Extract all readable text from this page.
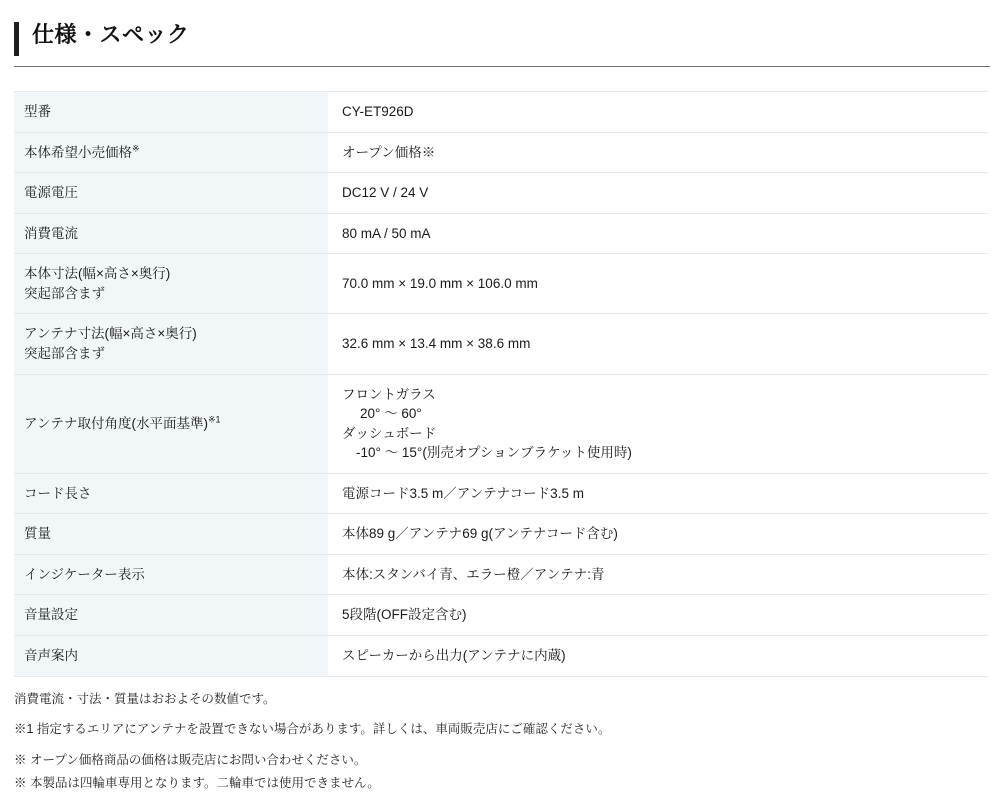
仕様・スペック
型番	CY-ET926D

本体希望小売価格※	オープン価格※

電源電圧	DC12 V / 24 V

消費電流	80 mA / 50 mA

本体寸法(幅×高さ×奥行)
突起部含まず	70.0 mm × 19.0 mm × 106.0 mm

アンテナ寸法(幅×高さ×奥行)
突起部含まず	32.6 mm × 13.4 mm × 38.6 mm

アンテナ取付角度(水平面基準)$^{※1}$	フロントガラス
20° ～ 60°
ダッシュボード
-10° ～ 15°(別売オプションブラケット使用時)

コード長さ	電源コード3.5 m／アンテナコード3.5 m

質量	本体89 g／アンテナ69 g(アンテナコード含む)

インジケーター表示	本体:スタンバイ青、エラー橙／アンテナ:青

音量設定	5段階(OFF設定含む)

音声案内	スピーカーから出力(アンテナに内蔵)

消費電流・寸法・質量はおおよその数値です。

※1 指定するエリアにアンテナを設置できない場合があります。詳しくは、車両販売店にご確認ください。

※ オープン価格商品の価格は販売店にお問い合わせください。

※ 本製品は四輪車専用となります。二輪車では使用できません。
